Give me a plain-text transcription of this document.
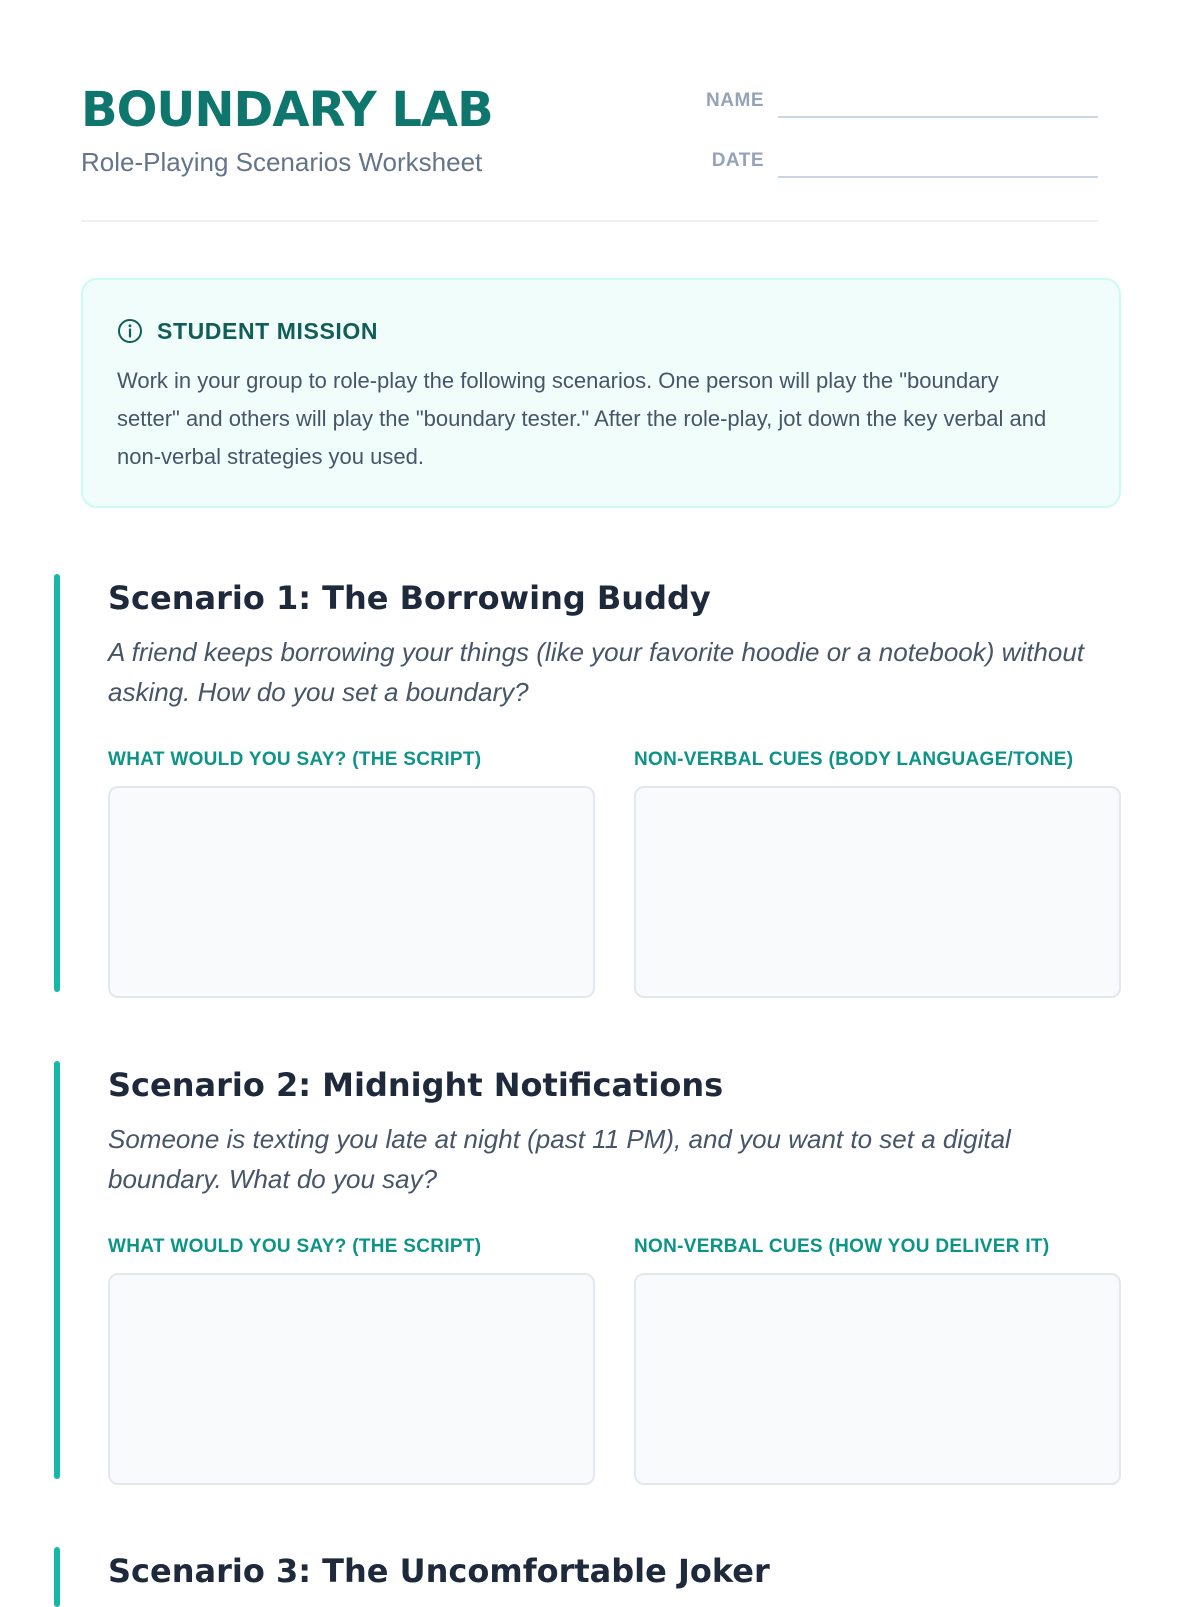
BOUNDARY LAB
Role-Playing Scenarios Worksheet
NAME
DATE
STUDENT MISSION
Work in your group to role-play the following scenarios. One person will play the "boundary setter" and others will play the "boundary tester." After the role-play, jot down the key verbal and non-verbal strategies you used.
Scenario 1: The Borrowing Buddy
A friend keeps borrowing your things (like your favorite hoodie or a notebook) without asking. How do you set a boundary?
WHAT WOULD YOU SAY? (THE SCRIPT)	NON-VERBAL CUES (BODY LANGUAGE/TONE)
Scenario 2: Midnight Notifications
Someone is texting you late at night (past 11 PM), and you want to set a digital boundary. What do you say?
WHAT WOULD YOU SAY? (THE SCRIPT)	NON-VERBAL CUES (HOW YOU DELIVER IT)
Scenario 3: The Uncomfortable Joker
